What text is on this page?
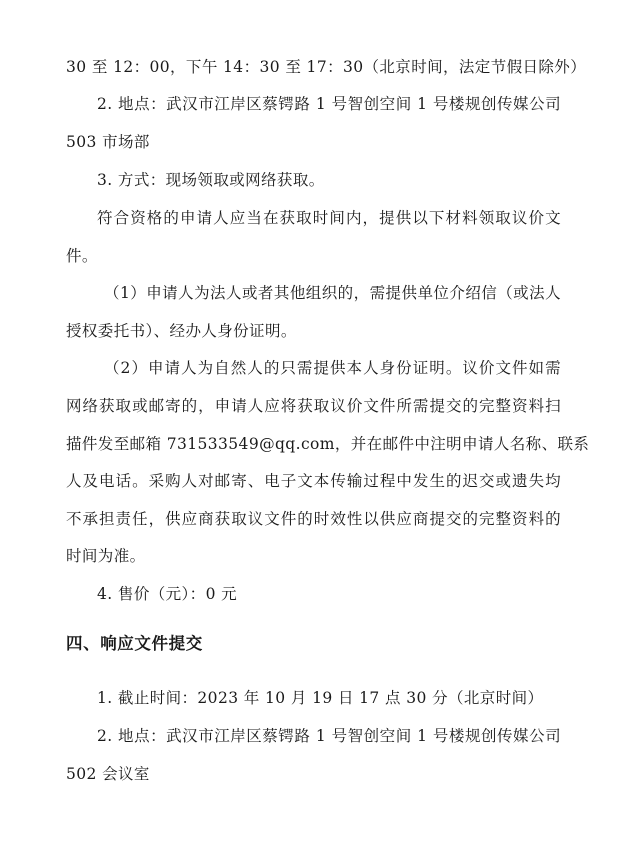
30 至 12：00，下午 14：30 至 17：30（北京时间，法定节假日除外）
2. 地点：武汉市江岸区蔡锷路 1 号智创空间 1 号楼规创传媒公司
503 市场部
3. 方式：现场领取或网络获取。
符合资格的申请人应当在获取时间内，提供以下材料领取议价文
件。
（1）申请人为法人或者其他组织的，需提供单位介绍信（或法人
授权委托书）、经办人身份证明。
（2）申请人为自然人的只需提供本人身份证明。议价文件如需
网络获取或邮寄的，申请人应将获取议价文件所需提交的完整资料扫
描件发至邮箱 731533549@qq.com，并在邮件中注明申请人名称、联系
人及电话。采购人对邮寄、电子文本传输过程中发生的迟交或遗失均
不承担责任，供应商获取议文件的时效性以供应商提交的完整资料的
时间为准。
4. 售价（元）：0 元
四、响应文件提交
1. 截止时间：2023 年 10 月 19 日 17 点 30 分（北京时间）
2. 地点：武汉市江岸区蔡锷路 1 号智创空间 1 号楼规创传媒公司
502 会议室
